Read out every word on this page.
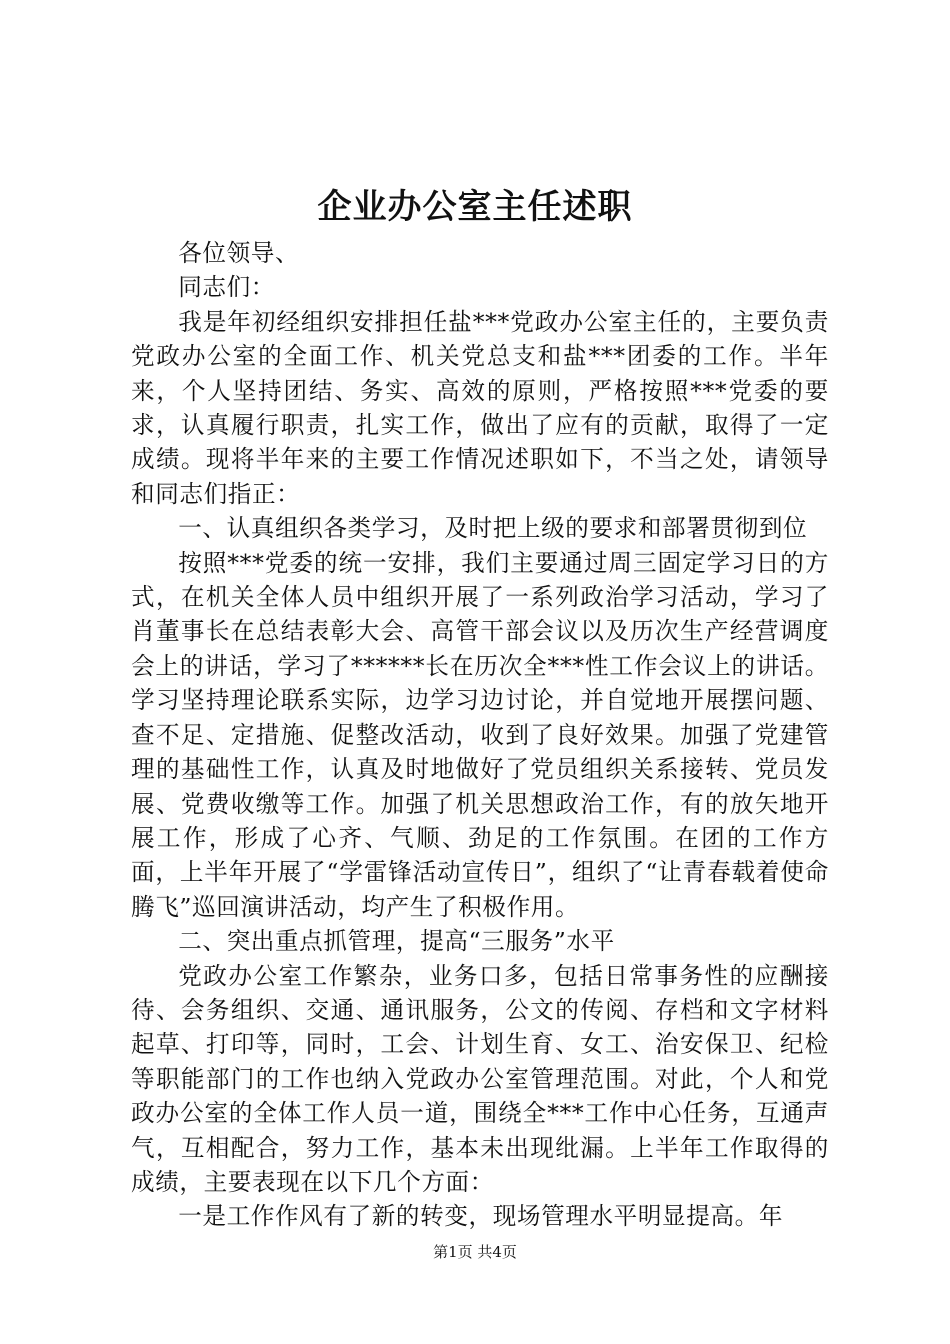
企业办公室主任述职

各位领导、

同志们：

我是年初经组织安排担任盐***党政办公室主任的，主要负责党政办公室的全面工作、机关党总支和盐***团委的工作。半年来，个人坚持团结、务实、高效的原则，严格按照***党委的要求，认真履行职责，扎实工作，做出了应有的贡献，取得了一定成绩。现将半年来的主要工作情况述职如下，不当之处，请领导和同志们指正：

一、认真组织各类学习，及时把上级的要求和部署贯彻到位

按照***党委的统一安排，我们主要通过周三固定学习日的方式，在机关全体人员中组织开展了一系列政治学习活动，学习了肖董事长在总结表彰大会、高管干部会议以及历次生产经营调度会上的讲话，学习了******长在历次全***性工作会议上的讲话。学习坚持理论联系实际，边学习边讨论，并自觉地开展摆问题、查不足、定措施、促整改活动，收到了良好效果。加强了党建管理的基础性工作，认真及时地做好了党员组织关系接转、党员发展、党费收缴等工作。加强了机关思想政治工作，有的放矢地开展工作，形成了心齐、气顺、劲足的工作氛围。在团的工作方面，上半年开展了“学雷锋活动宣传日”，组织了“让青春载着使命腾飞”巡回演讲活动，均产生了积极作用。

二、突出重点抓管理，提高“三服务”水平

党政办公室工作繁杂，业务口多，包括日常事务性的应酬接待、会务组织、交通、通讯服务，公文的传阅、存档和文字材料起草、打印等，同时，工会、计划生育、女工、治安保卫、纪检等职能部门的工作也纳入党政办公室管理范围。对此，个人和党政办公室的全体工作人员一道，围绕全***工作中心任务，互通声气，互相配合，努力工作，基本未出现纰漏。上半年工作取得的成绩，主要表现在以下几个方面：

一是工作作风有了新的转变，现场管理水平明显提高。年

第1页 共4页
